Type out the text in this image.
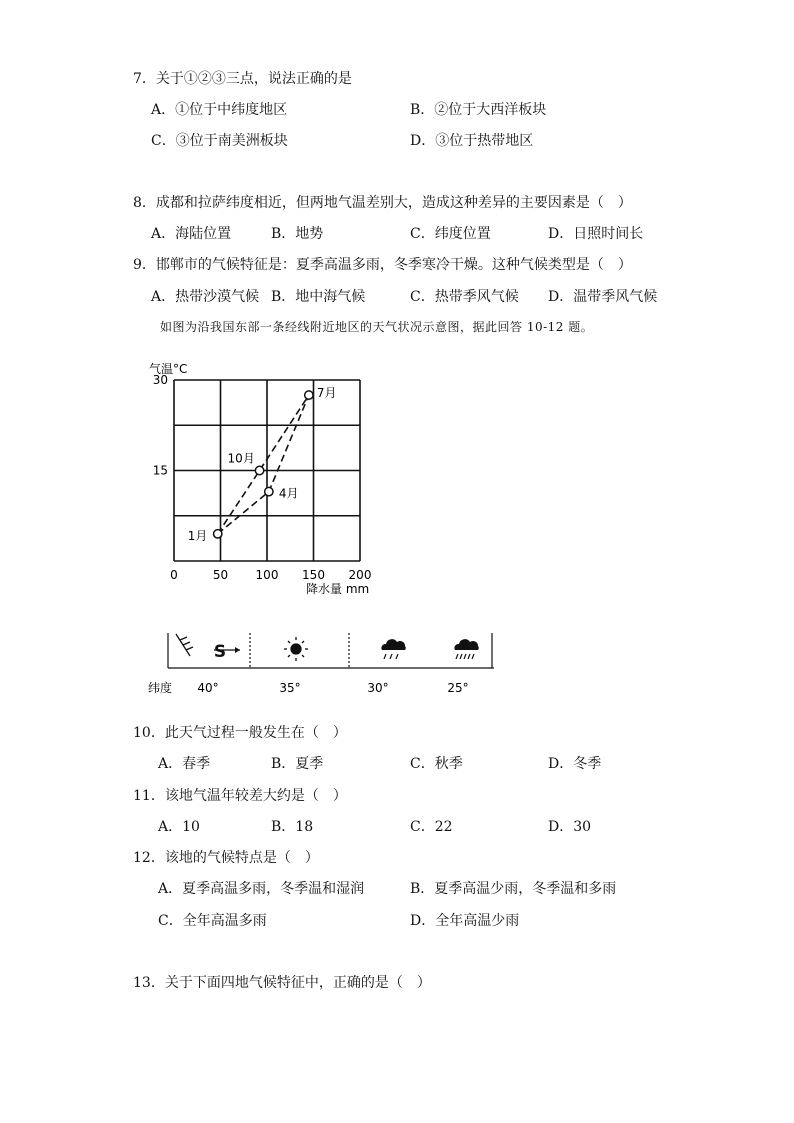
7．关于①②③三点，说法正确的是
A．①位于中纬度地区	B．②位于大西洋板块
C．③位于南美洲板块	D．③位于热带地区
8．成都和拉萨纬度相近，但两地气温差别大，造成这种差异的主要因素是（　）
A．海陆位置	B．地势	C．纬度位置	D．日照时间长
9．邯郸市的气候特征是：夏季高温多雨，冬季寒冷干燥。这种气候类型是（　）
A．热带沙漠气候 B．地中海气候	C．热带季风气候 D．温带季风气候
如图为沿我国东部一条经线附近地区的天气状况示意图，据此回答 10-12 题。
气温°C
0	50 100 150 200
15
30
1月
4月
7月
10月
降水量 mm
S
纬度 40°	35°	30°	25°
10．此天气过程一般发生在（　）
A．春季	B．夏季	C．秋季	D．冬季
11．该地气温年较差大约是（　）
A．10	B．18	C．22	D．30
12．该地的气候特点是（　）
A．夏季高温多雨，冬季温和湿润	B．夏季高温少雨，冬季温和多雨
C．全年高温多雨	D．全年高温少雨
13．关于下面四地气候特征中，正确的是（　）
